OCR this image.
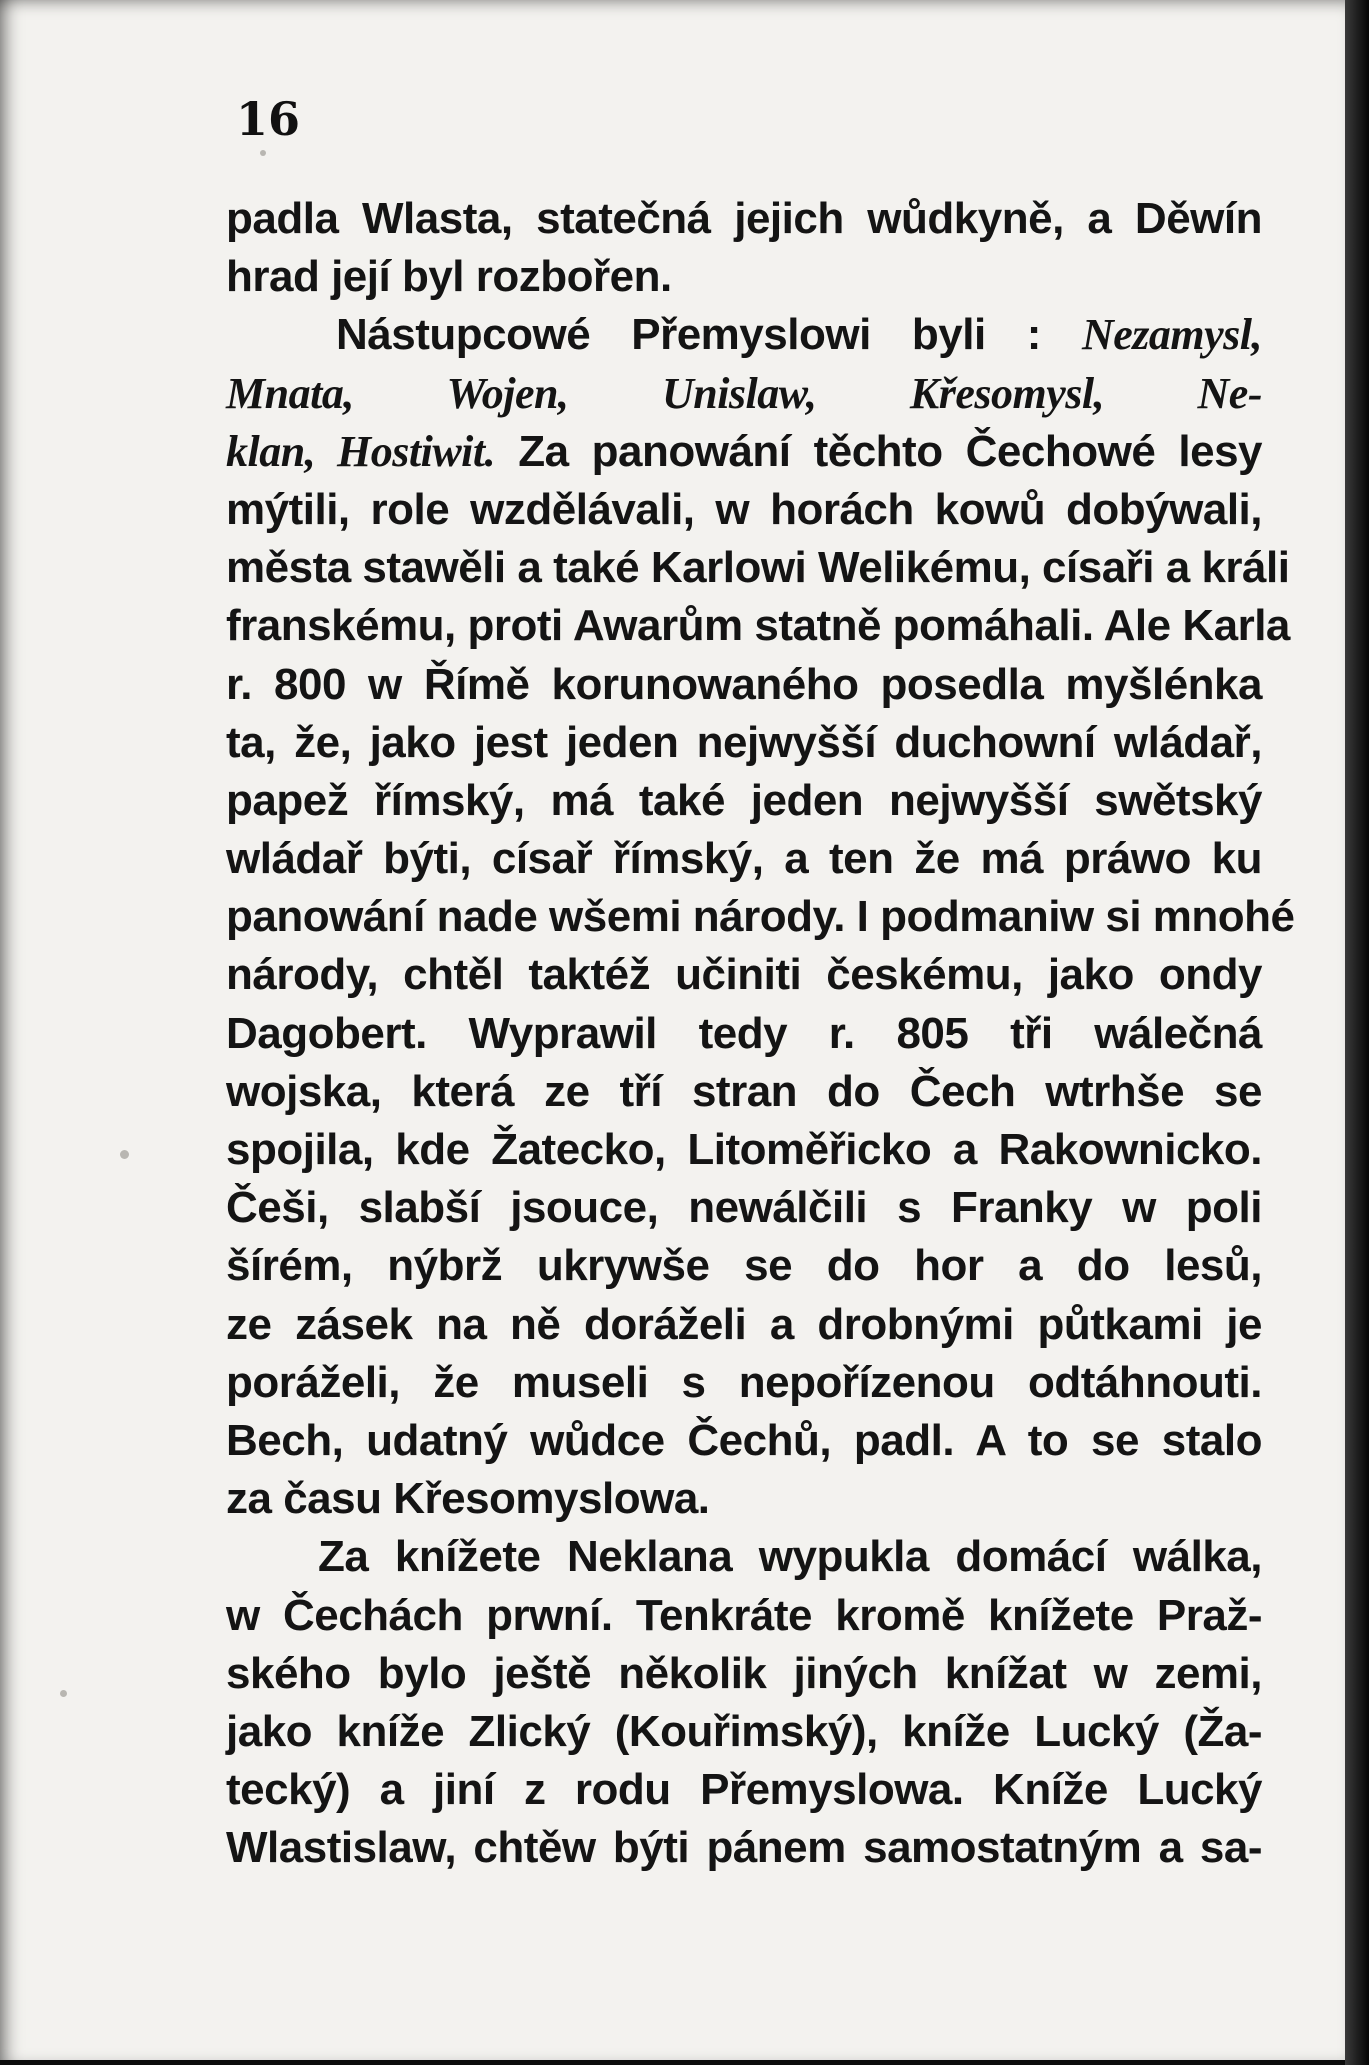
16
padla Wlasta, statečná jejich wůdkyně, a Děwín
hrad její byl rozbořen.
Nástupcowé Přemyslowi byli : Nezamysl,
Mnata, Wojen, Unislaw, Křesomysl, Ne-
klan, Hostiwit. Za panowání těchto Čechowé lesy
mýtili, role wzdělávali, w horách kowů dobýwali,
města stawěli a také Karlowi Welikému, císaři a králi
franskému, proti Awarům statně pomáhali. Ale Karla
r. 800 w Římě korunowaného posedla myšlénka
ta, že, jako jest jeden nejwyšší duchowní wládař,
papež římský, má také jeden nejwyšší swětský
wládař býti, císař římský, a ten že má práwo ku
panowání nade wšemi národy. I podmaniw si mnohé
národy, chtěl taktéž učiniti českému, jako ondy
Dagobert. Wyprawil tedy r. 805 tři wálečná
wojska, která ze tří stran do Čech wtrhše se
spojila, kde Žatecko, Litoměřicko a Rakownicko.
Češi, slabší jsouce, newálčili s Franky w poli
šírém, nýbrž ukrywše se do hor a do lesů,
ze zásek na ně doráželi a drobnými půtkami je
poráželi, že museli s nepořízenou odtáhnouti.
Bech, udatný wůdce Čechů, padl. A to se stalo
za času Křesomyslowa.
Za knížete Neklana wypukla domácí wálka,
w Čechách prwní. Tenkráte kromě knížete Praž-
ského bylo ještě několik jiných knížat w zemi,
jako kníže Zlický (Kouřimský), kníže Lucký (Ža-
tecký) a jiní z rodu Přemyslowa. Kníže Lucký
Wlastislaw, chtěw býti pánem samostatným a sa-
